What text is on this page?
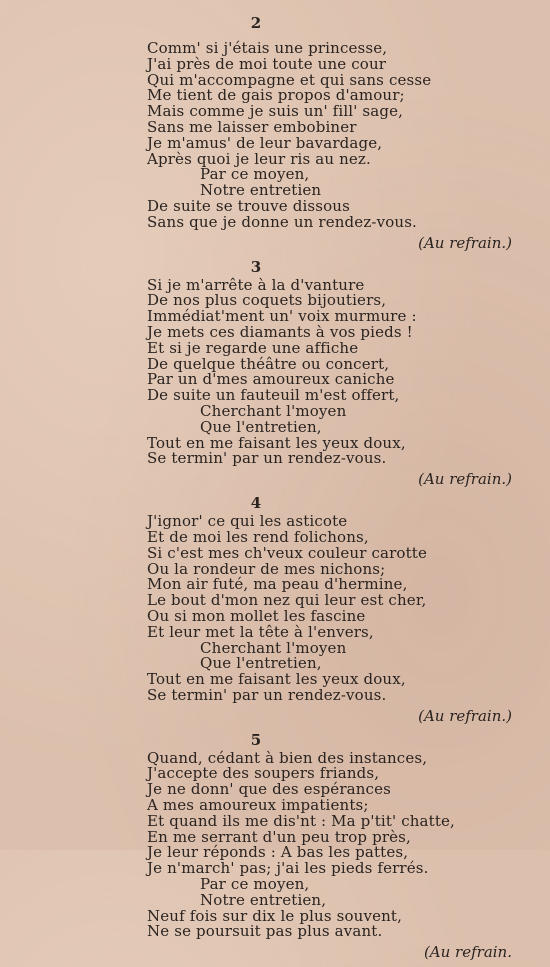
2
Comm' si j'étais une princesse,
J'ai près de moi toute une cour
Qui m'accompagne et qui sans cesse
Me tient de gais propos d'amour;
Mais comme je suis un' fill' sage,
Sans me laisser embobiner
Je m'amus' de leur bavardage,
Après quoi je leur ris au nez.
Par ce moyen,
Notre entretien
De suite se trouve dissous
Sans que je donne un rendez-vous.
(Au refrain.)
3
Si je m'arrête à la d'vanture
De nos plus coquets bijoutiers,
Immédiat'ment un' voix murmure :
Je mets ces diamants à vos pieds !
Et si je regarde une affiche
De quelque théâtre ou concert,
Par un d'mes amoureux caniche
De suite un fauteuil m'est offert,
Cherchant l'moyen
Que l'entretien,
Tout en me faisant les yeux doux,
Se termin' par un rendez-vous.
(Au refrain.)
4
J'ignor' ce qui les asticote
Et de moi les rend folichons,
Si c'est mes ch'veux couleur carotte
Ou la rondeur de mes nichons;
Mon air futé, ma peau d'hermine,
Le bout d'mon nez qui leur est cher,
Ou si mon mollet les fascine
Et leur met la tête à l'envers,
Cherchant l'moyen
Que l'entretien,
Tout en me faisant les yeux doux,
Se termin' par un rendez-vous.
(Au refrain.)
5
Quand, cédant à bien des instances,
J'accepte des soupers friands,
Je ne donn' que des espérances
A mes amoureux impatients;
Et quand ils me dis'nt : Ma p'tit' chatte,
En me serrant d'un peu trop près,
Je leur réponds : A bas les pattes,
Je n'march' pas; j'ai les pieds ferrés.
Par ce moyen,
Notre entretien,
Neuf fois sur dix le plus souvent,
Ne se poursuit pas plus avant.
(Au refrain.
